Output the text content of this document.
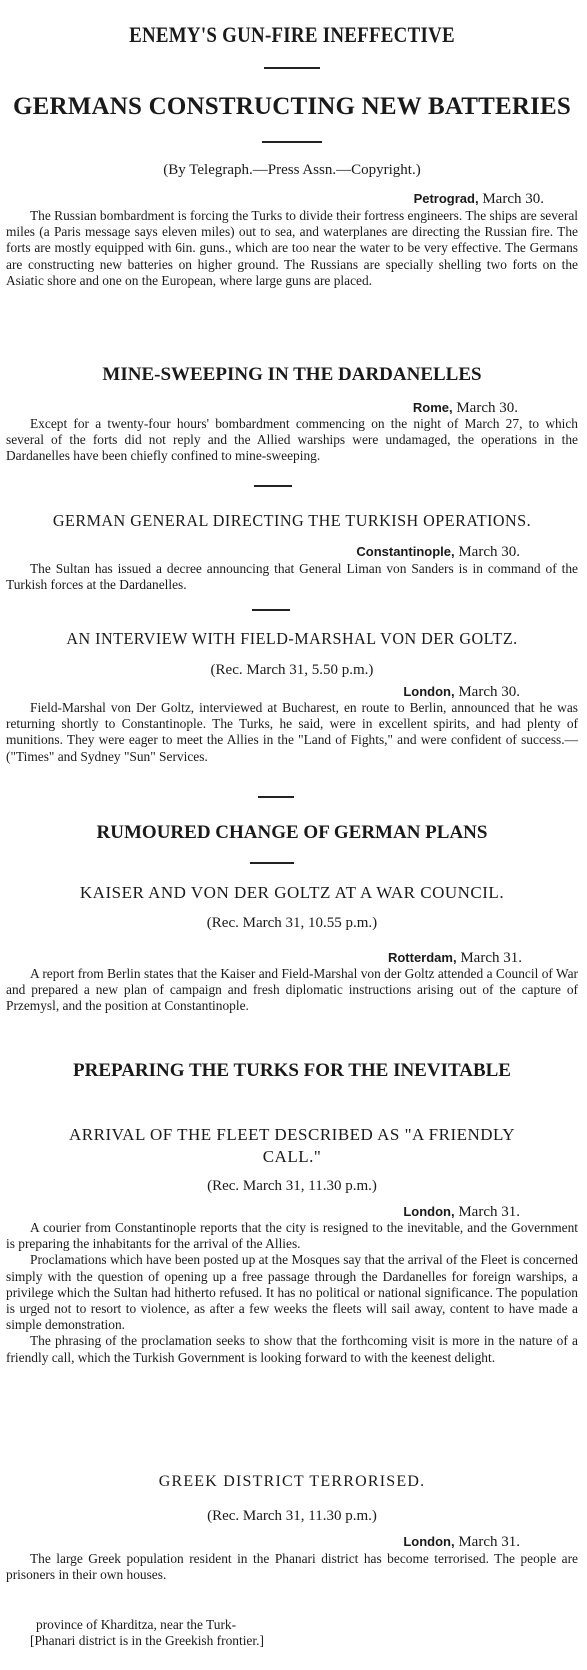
ENEMY'S GUN-FIRE INEFFECTIVE
GERMANS CONSTRUCTING NEW BATTERIES
(By Telegraph.—Press Assn.—Copyright.)
Petrograd, March 30.

The Russian bombardment is forcing the Turks to divide their fortress engineers. The ships are several miles (a Paris message says eleven miles) out to sea, and waterplanes are directing the Russian fire. The forts are mostly equipped with 6in. guns., which are too near the water to be very effective. The Germans are constructing new batteries on higher ground. The Russians are specially shelling two forts on the Asiatic shore and one on the European, where large guns are placed.

MINE-SWEEPING IN THE DARDANELLES
Rome, March 30.

Except for a twenty-four hours' bombardment commencing on the night of March 27, to which several of the forts did not reply and the Allied warships were undamaged, the operations in the Dardanelles have been chiefly confined to mine-sweeping.

GERMAN GENERAL DIRECTING THE TURKISH OPERATIONS.
Constantinople, March 30.

The Sultan has issued a decree announcing that General Liman von Sanders is in command of the Turkish forces at the Dardanelles.

AN INTERVIEW WITH FIELD-MARSHAL VON DER GOLTZ.
(Rec. March 31, 5.50 p.m.)
London, March 30.

Field-Marshal von Der Goltz, interviewed at Bucharest, en route to Berlin, announced that he was returning shortly to Constantinople. The Turks, he said, were in excellent spirits, and had plenty of munitions. They were eager to meet the Allies in the "Land of Fights," and were confident of success.—("Times" and Sydney "Sun" Services.

RUMOURED CHANGE OF GERMAN PLANS
KAISER AND VON DER GOLTZ AT A WAR COUNCIL.
(Rec. March 31, 10.55 p.m.)
Rotterdam, March 31.

A report from Berlin states that the Kaiser and Field-Marshal von der Goltz attended a Council of War and prepared a new plan of campaign and fresh diplomatic instructions arising out of the capture of Przemysl, and the position at Constantinople.

PREPARING THE TURKS FOR THE INEVITABLE
ARRIVAL OF THE FLEET DESCRIBED AS "A FRIENDLY
CALL."
(Rec. March 31, 11.30 p.m.)
London, March 31.

A courier from Constantinople reports that the city is resigned to the inevitable, and the Government is preparing the inhabitants for the arrival of the Allies.

Proclamations which have been posted up at the Mosques say that the arrival of the Fleet is concerned simply with the question of opening up a free passage through the Dardanelles for foreign warships, a privilege which the Sultan had hitherto refused. It has no political or national significance. The population is urged not to resort to violence, as after a few weeks the fleets will sail away, content to have made a simple demonstration.

The phrasing of the proclamation seeks to show that the forthcoming visit is more in the nature of a friendly call, which the Turkish Government is looking forward to with the keenest delight.

GREEK DISTRICT TERRORISED.
(Rec. March 31, 11.30 p.m.)
London, March 31.

The large Greek population resident in the Phanari district has become terrorised. The people are prisoners in their own houses.

province of Kharditza, near the Turk-
[Phanari district is in the Greekish frontier.]
